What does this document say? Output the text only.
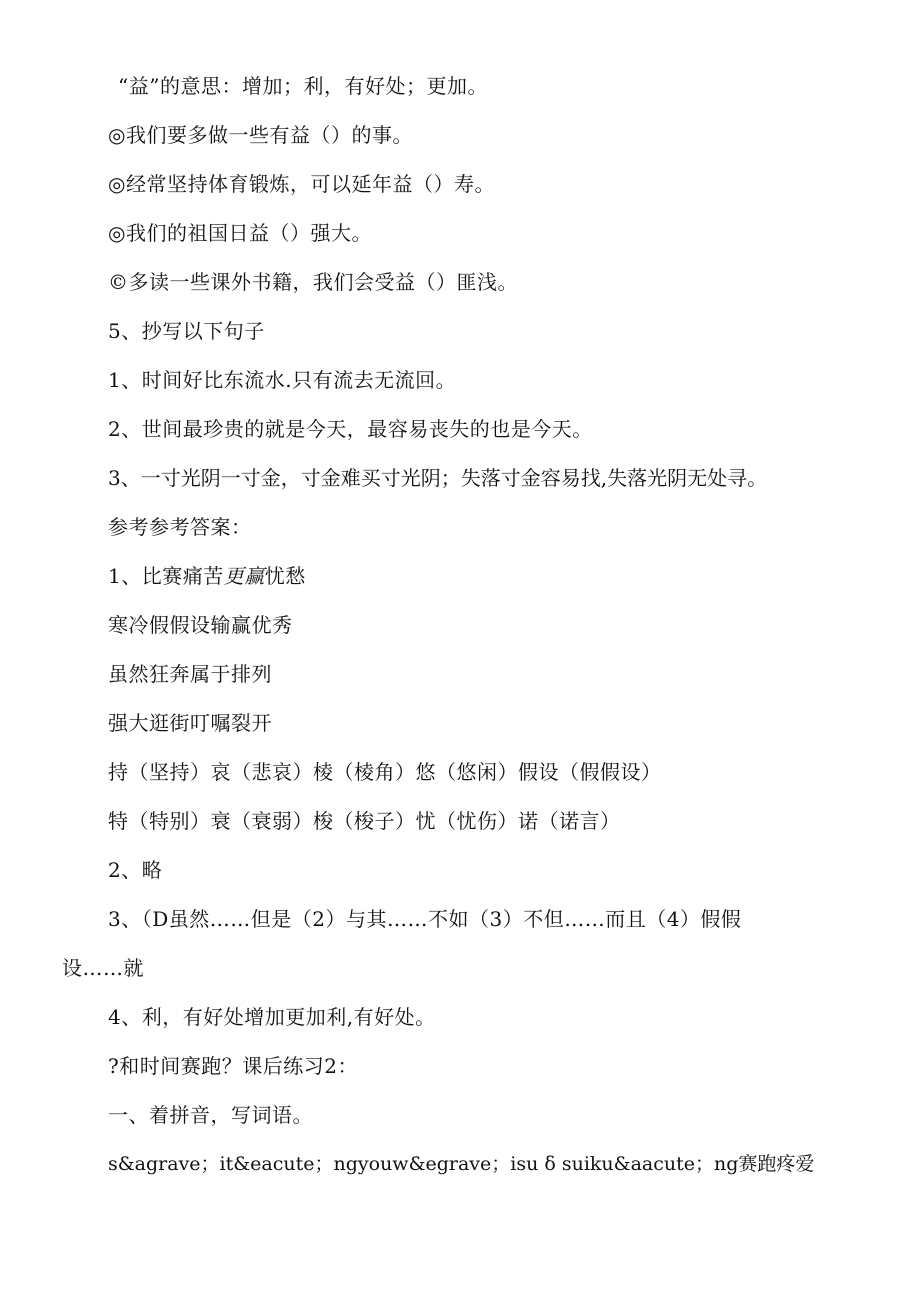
“益”的意思：增加；利，有好处；更加。
◎我们要多做一些有益（）的事。
◎经常坚持体育锻炼，可以延年益（）寿。
◎我们的祖国日益（）强大。
©多读一些课外书籍，我们会受益（）匪浅。
5、抄写以下句子
1、时间好比东流水.只有流去无流回。
2、世间最珍贵的就是今天，最容易丧失的也是今天。
3、一寸光阴一寸金，寸金难买寸光阴；失落寸金容易找,失落光阴无处寻。
参考参考答案：
1、比赛痛苦更赢忧愁
寒冷假假设输赢优秀
虽然狂奔属于排列
强大逛街叮嘱裂开
持（坚持）哀（悲哀）棱（棱角）悠（悠闲）假设（假假设）
特（特别）衰（衰弱）梭（梭子）忧（忧伤）诺（诺言）
2、略
3、（D虽然……但是（2）与其……不如（3）不但……而且（4）假假
设……就
4、利，有好处增加更加利,有好处。
?和时间赛跑？课后练习2：
一、着拼音，写词语。
s&agrave；it&eacute；ngyouw&egrave；isu δ suiku&aacute；ng赛跑疼爱
